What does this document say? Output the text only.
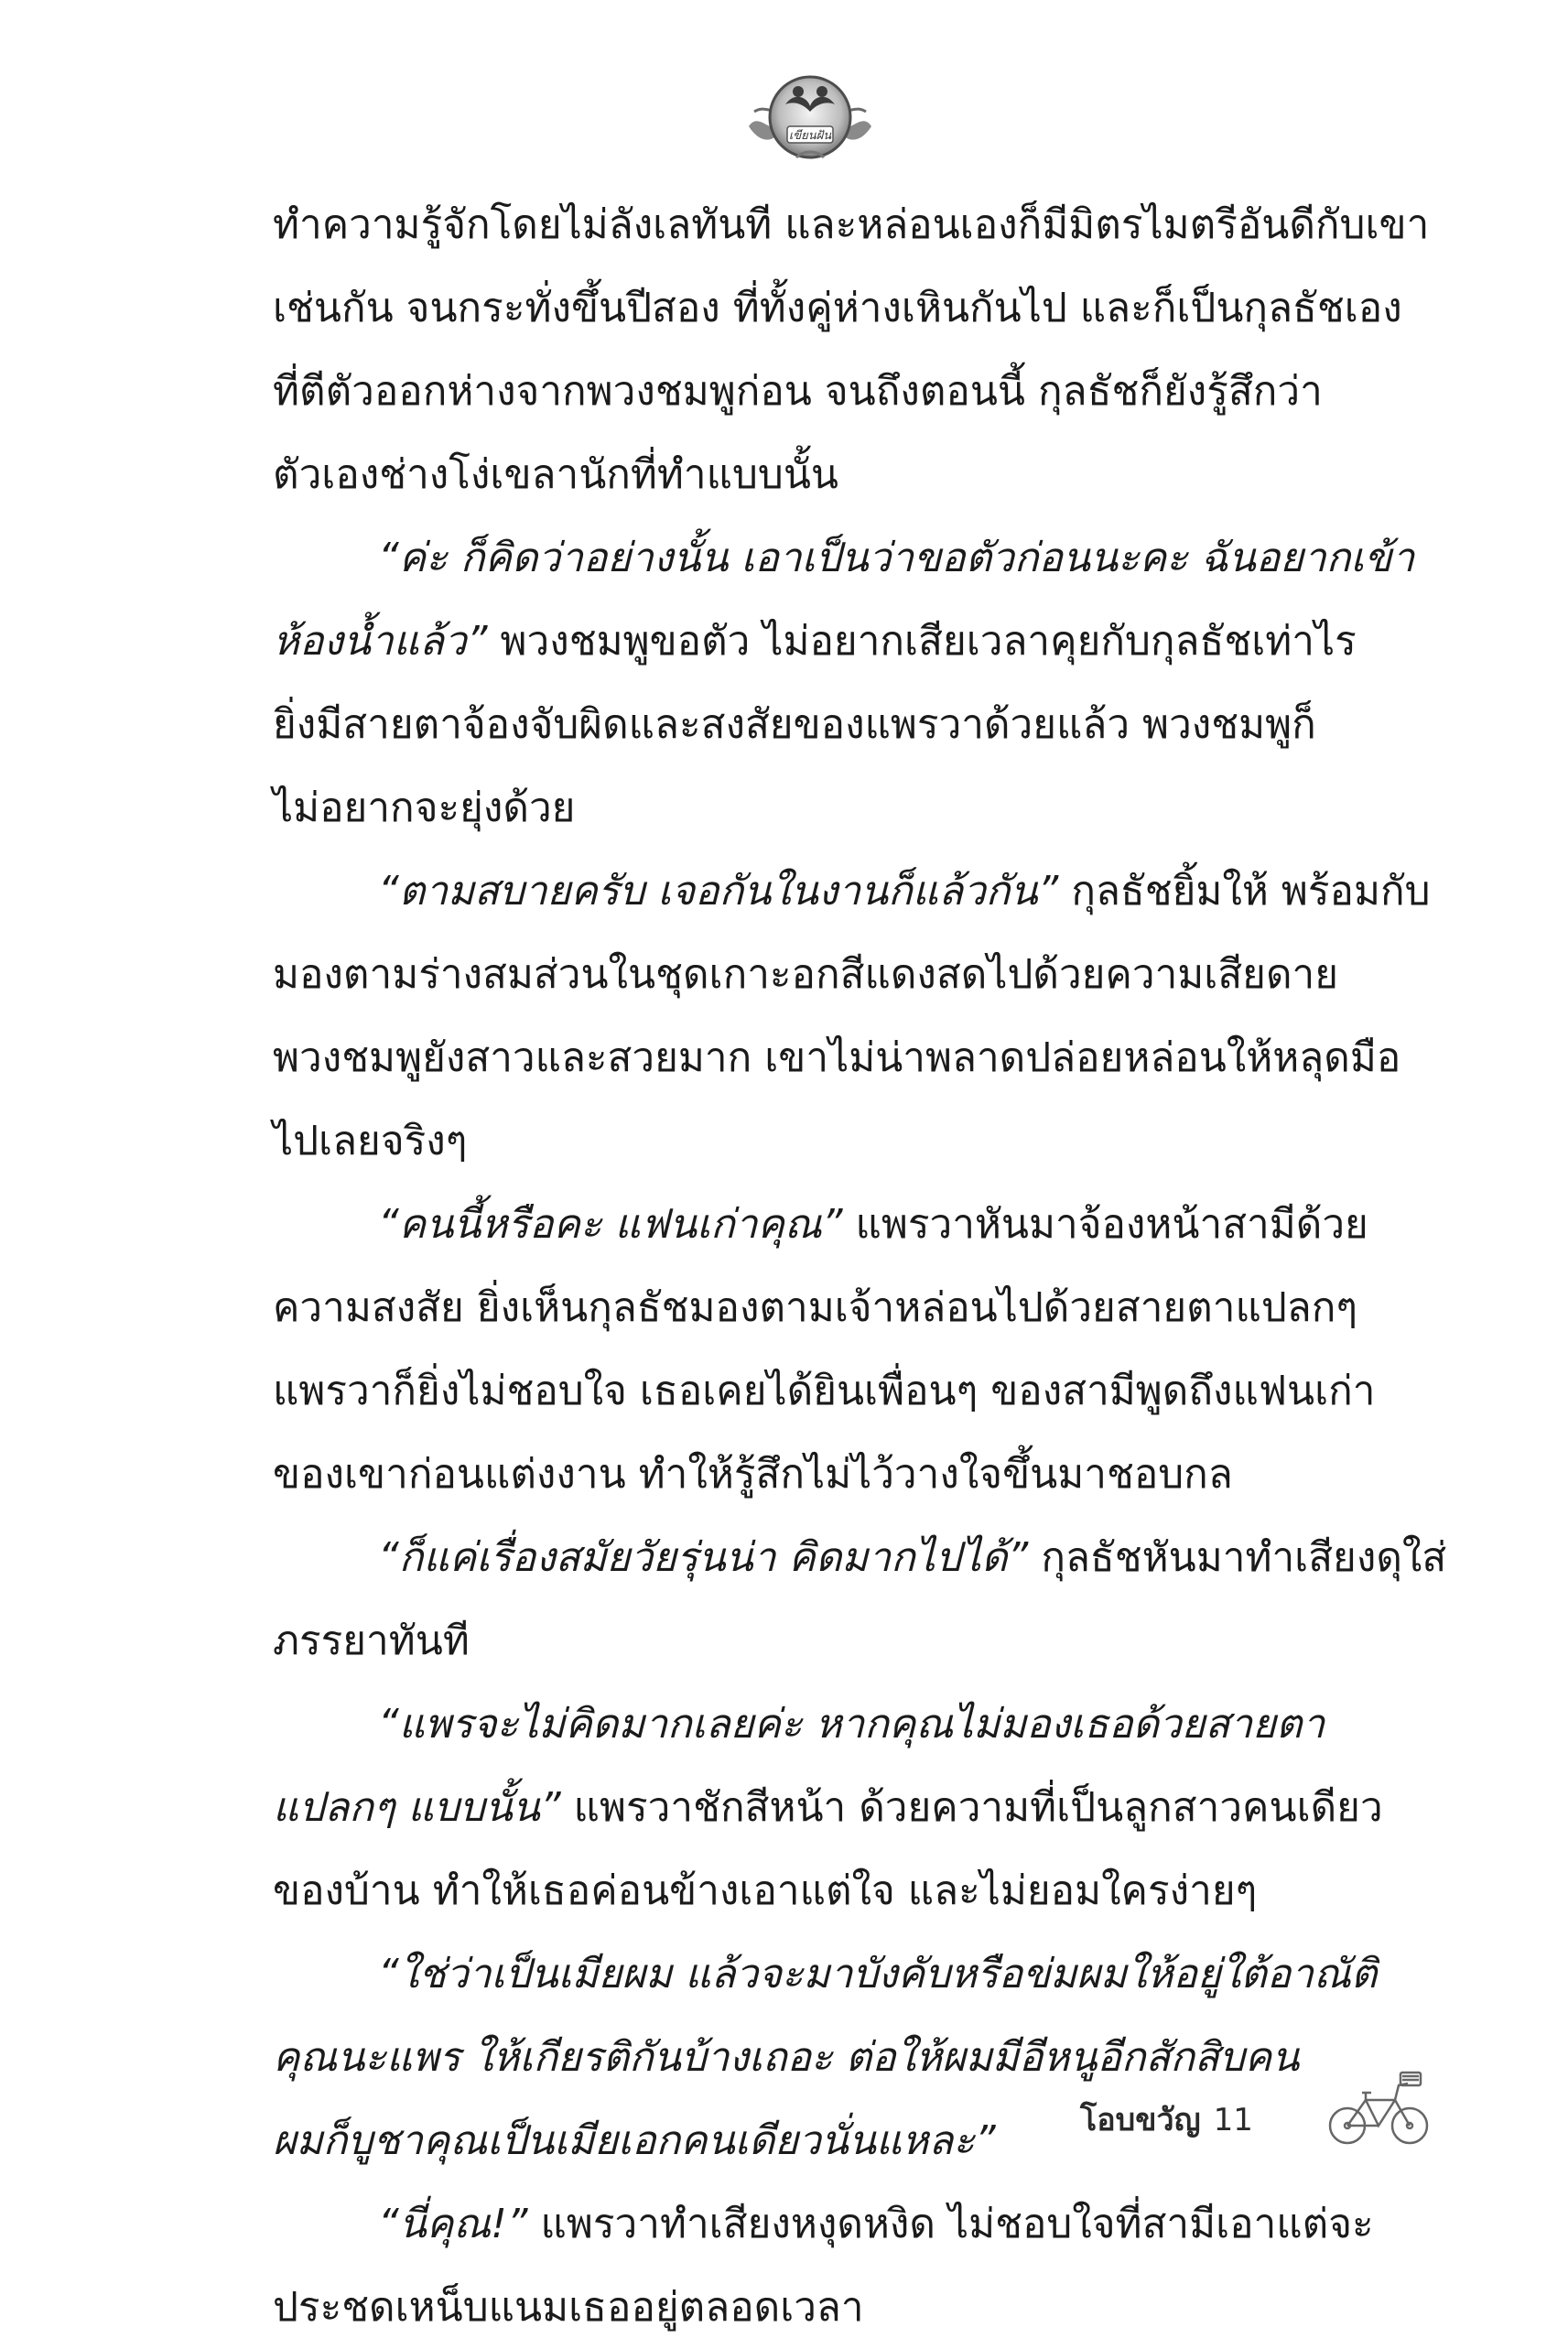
เขียนฝัน
ทำความรู้จักโดยไม่ลังเลทันที และหล่อนเองก็มีมิตรไมตรีอันดีกับเขา
เช่นกัน จนกระทั่งขึ้นปีสอง ที่ทั้งคู่ห่างเหินกันไป และก็เป็นกุลธัชเอง
ที่ตีตัวออกห่างจากพวงชมพูก่อน จนถึงตอนนี้ กุลธัชก็ยังรู้สึกว่า
ตัวเองช่างโง่เขลานักที่ทำแบบนั้น
“ค่ะ ก็คิดว่าอย่างนั้น เอาเป็นว่าขอตัวก่อนนะคะ ฉันอยากเข้า
ห้องน้ำแล้ว” พวงชมพูขอตัว ไม่อยากเสียเวลาคุยกับกุลธัชเท่าไร
ยิ่งมีสายตาจ้องจับผิดและสงสัยของแพรวาด้วยแล้ว พวงชมพูก็
ไม่อยากจะยุ่งด้วย
“ตามสบายครับ เจอกันในงานก็แล้วกัน” กุลธัชยิ้มให้ พร้อมกับ
มองตามร่างสมส่วนในชุดเกาะอกสีแดงสดไปด้วยความเสียดาย
พวงชมพูยังสาวและสวยมาก เขาไม่น่าพลาดปล่อยหล่อนให้หลุดมือ
ไปเลยจริงๆ
“คนนี้หรือคะ แฟนเก่าคุณ” แพรวาหันมาจ้องหน้าสามีด้วย
ความสงสัย ยิ่งเห็นกุลธัชมองตามเจ้าหล่อนไปด้วยสายตาแปลกๆ
แพรวาก็ยิ่งไม่ชอบใจ เธอเคยได้ยินเพื่อนๆ ของสามีพูดถึงแฟนเก่า
ของเขาก่อนแต่งงาน ทำให้รู้สึกไม่ไว้วางใจขึ้นมาชอบกล
“ก็แค่เรื่องสมัยวัยรุ่นน่า คิดมากไปได้” กุลธัชหันมาทำเสียงดุใส่
ภรรยาทันที
“แพรจะไม่คิดมากเลยค่ะ หากคุณไม่มองเธอด้วยสายตา
แปลกๆ แบบนั้น” แพรวาชักสีหน้า ด้วยความที่เป็นลูกสาวคนเดียว
ของบ้าน ทำให้เธอค่อนข้างเอาแต่ใจ และไม่ยอมใครง่ายๆ
“ใช่ว่าเป็นเมียผม แล้วจะมาบังคับหรือข่มผมให้อยู่ใต้อาณัติ
คุณนะแพร ให้เกียรติกันบ้างเถอะ ต่อให้ผมมีอีหนูอีกสักสิบคน
ผมก็บูชาคุณเป็นเมียเอกคนเดียวนั่นแหละ”
“นี่คุณ!” แพรวาทำเสียงหงุดหงิด ไม่ชอบใจที่สามีเอาแต่จะ
ประชดเหน็บแนมเธออยู่ตลอดเวลา
โอบขวัญ 11
